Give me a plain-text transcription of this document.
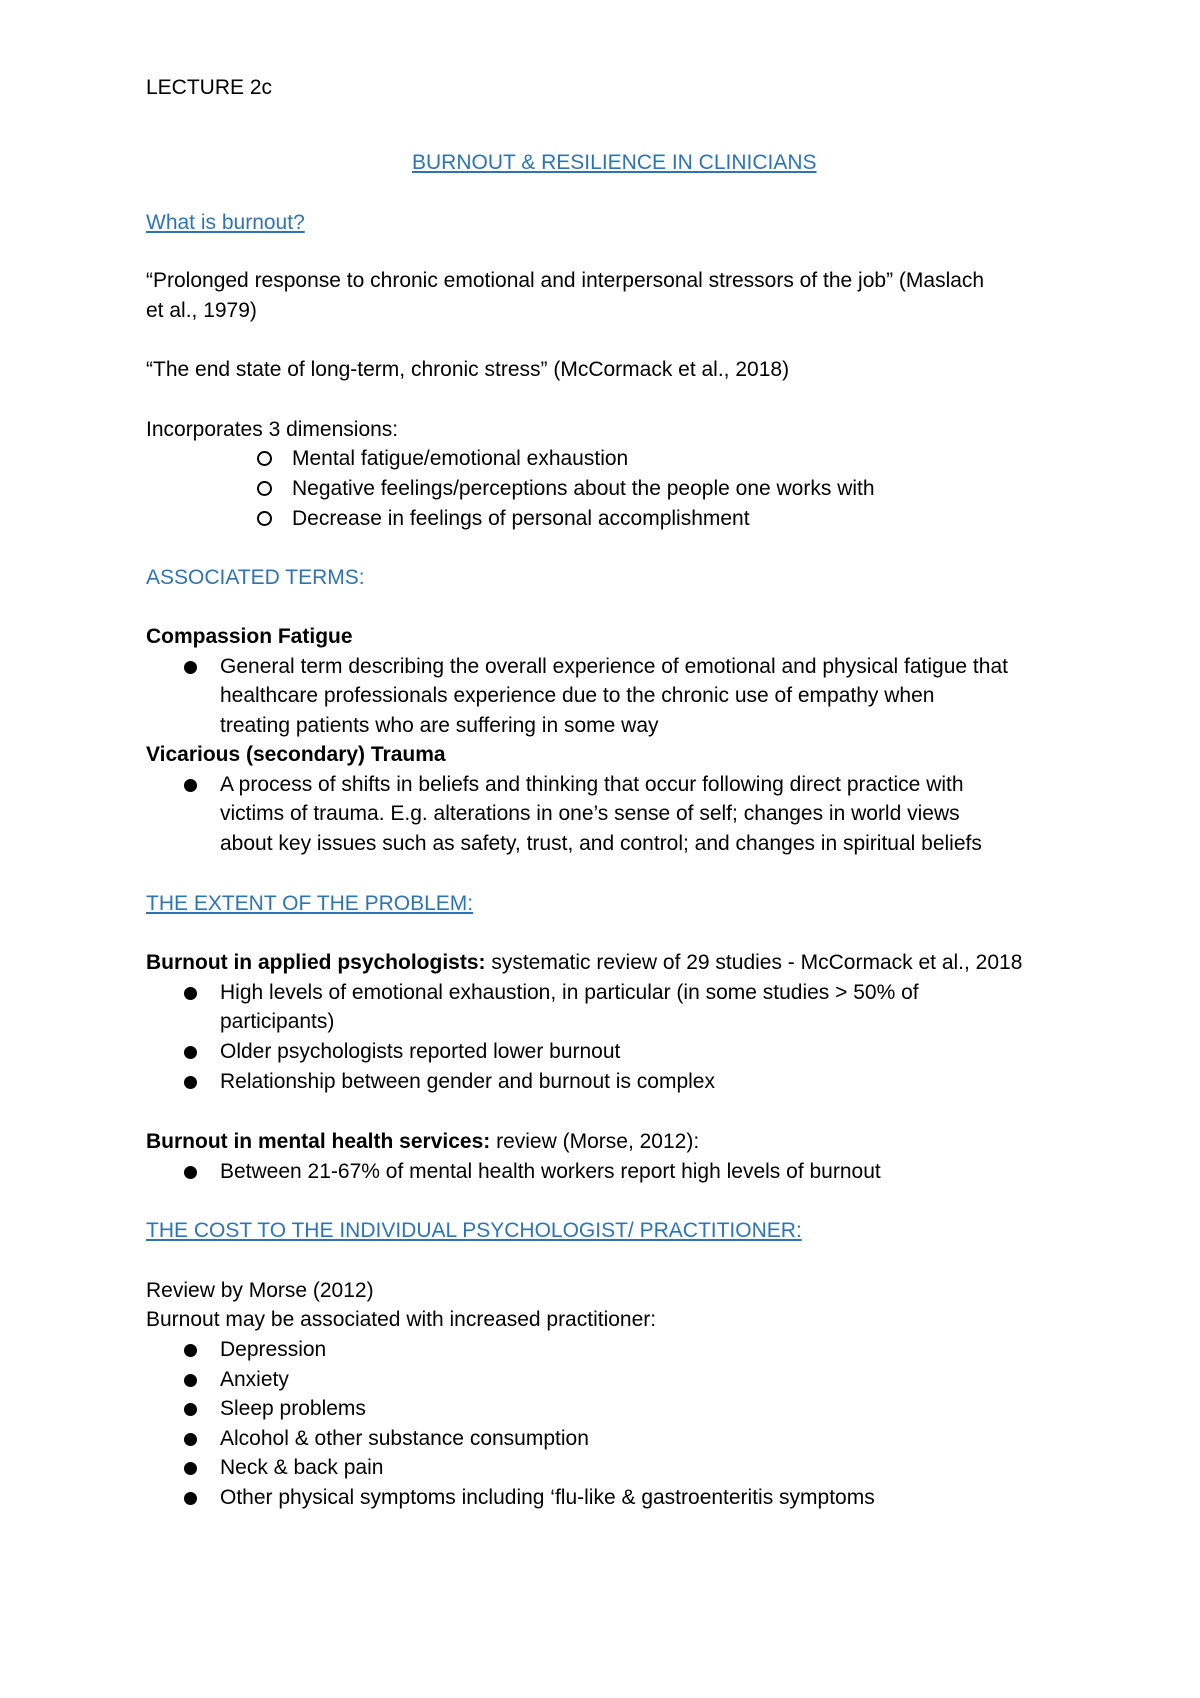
LECTURE 2c
BURNOUT & RESILIENCE IN CLINICIANS
What is burnout?
“Prolonged response to chronic emotional and interpersonal stressors of the job” (Maslach
et al., 1979)
“The end state of long-term, chronic stress” (McCormack et al., 2018)
Incorporates 3 dimensions:
Mental fatigue/emotional exhaustion
Negative feelings/perceptions about the people one works with
Decrease in feelings of personal accomplishment
ASSOCIATED TERMS:
Compassion Fatigue
General term describing the overall experience of emotional and physical fatigue that
healthcare professionals experience due to the chronic use of empathy when
treating patients who are suffering in some way
Vicarious (secondary) Trauma
A process of shifts in beliefs and thinking that occur following direct practice with
victims of trauma. E.g. alterations in one’s sense of self; changes in world views
about key issues such as safety, trust, and control; and changes in spiritual beliefs
THE EXTENT OF THE PROBLEM:
Burnout in applied psychologists: systematic review of 29 studies - McCormack et al., 2018
High levels of emotional exhaustion, in particular (in some studies > 50% of
participants)
Older psychologists reported lower burnout
Relationship between gender and burnout is complex
Burnout in mental health services: review (Morse, 2012):
Between 21-67% of mental health workers report high levels of burnout
THE COST TO THE INDIVIDUAL PSYCHOLOGIST/ PRACTITIONER:
Review by Morse (2012)
Burnout may be associated with increased practitioner:
Depression
Anxiety
Sleep problems
Alcohol & other substance consumption
Neck & back pain
Other physical symptoms including ‘flu-like & gastroenteritis symptoms
